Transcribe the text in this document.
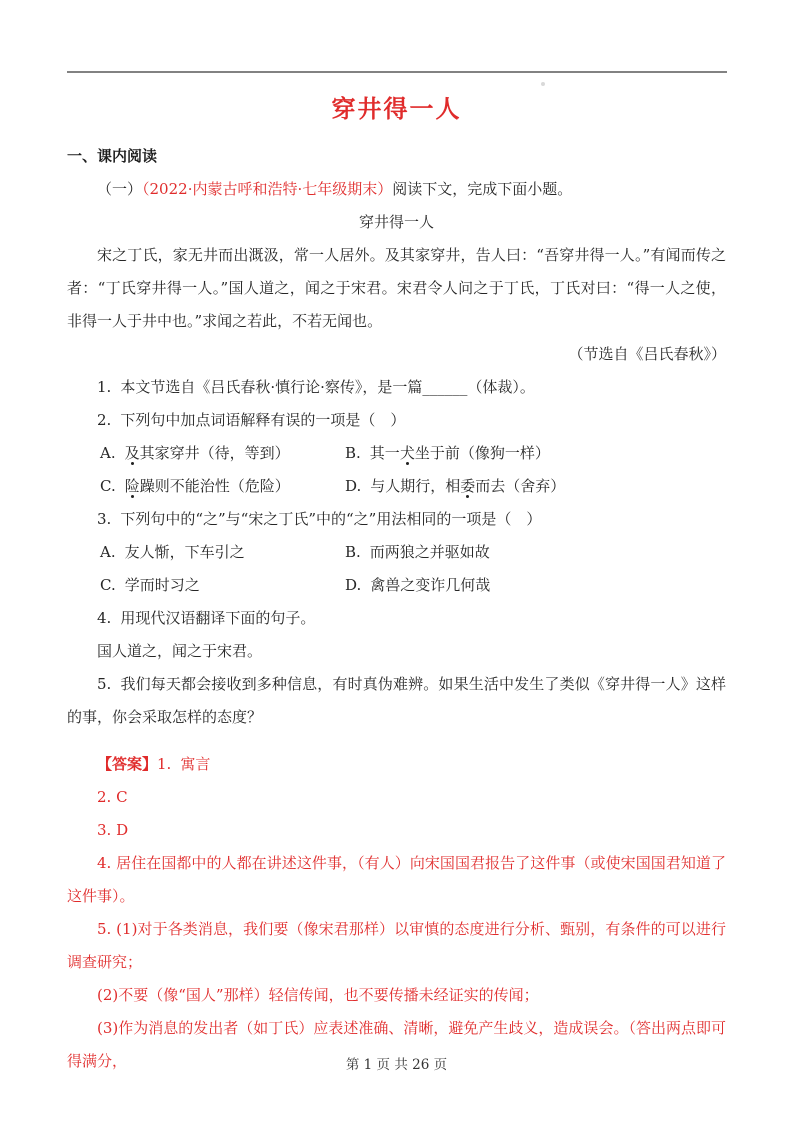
穿井得一人
一、课内阅读

（一）（2022·内蒙古呼和浩特·七年级期末）阅读下文，完成下面小题。

穿井得一人

宋之丁氏，家无井而出溉汲，常一人居外。及其家穿井，告人曰：“吾穿井得一人。”有闻而传之者：“丁氏穿井得一人。”国人道之，闻之于宋君。宋君令人问之于丁氏，丁氏对曰：“得一人之使，非得一人于井中也。”求闻之若此，不若无闻也。

（节选自《吕氏春秋》）

1. 本文节选自《吕氏春秋·慎行论·察传》，是一篇______（体裁）。

2. 下列句中加点词语解释有误的一项是（　）

A. 及其家穿井（待，等到）	B. 其一犬坐于前（像狗一样）
C. 险躁则不能治性（危险）	D. 与人期行，相委而去（舍弃）

3. 下列句中的“之”与“宋之丁氏”中的“之”用法相同的一项是（　）

A. 友人惭，下车引之	B. 而两狼之并驱如故
C. 学而时习之	D. 禽兽之变诈几何哉

4. 用现代汉语翻译下面的句子。

国人道之，闻之于宋君。

5. 我们每天都会接收到多种信息，有时真伪难辨。如果生活中发生了类似《穿井得一人》这样的事，你会采取怎样的态度？

【答案】1. 寓言

2. C

3. D

4. 居住在国都中的人都在讲述这件事，（有人）向宋国国君报告了这件事（或使宋国国君知道了这件事）。

5. (1)对于各类消息，我们要（像宋君那样）以审慎的态度进行分析、甄别，有条件的可以进行调查研究；

(2)不要（像“国人”那样）轻信传闻，也不要传播未经证实的传闻；

(3)作为消息的发出者（如丁氏）应表述准确、清晰，避免产生歧义，造成误会。（答出两点即可得满分，	第 1 页 共 26 页
